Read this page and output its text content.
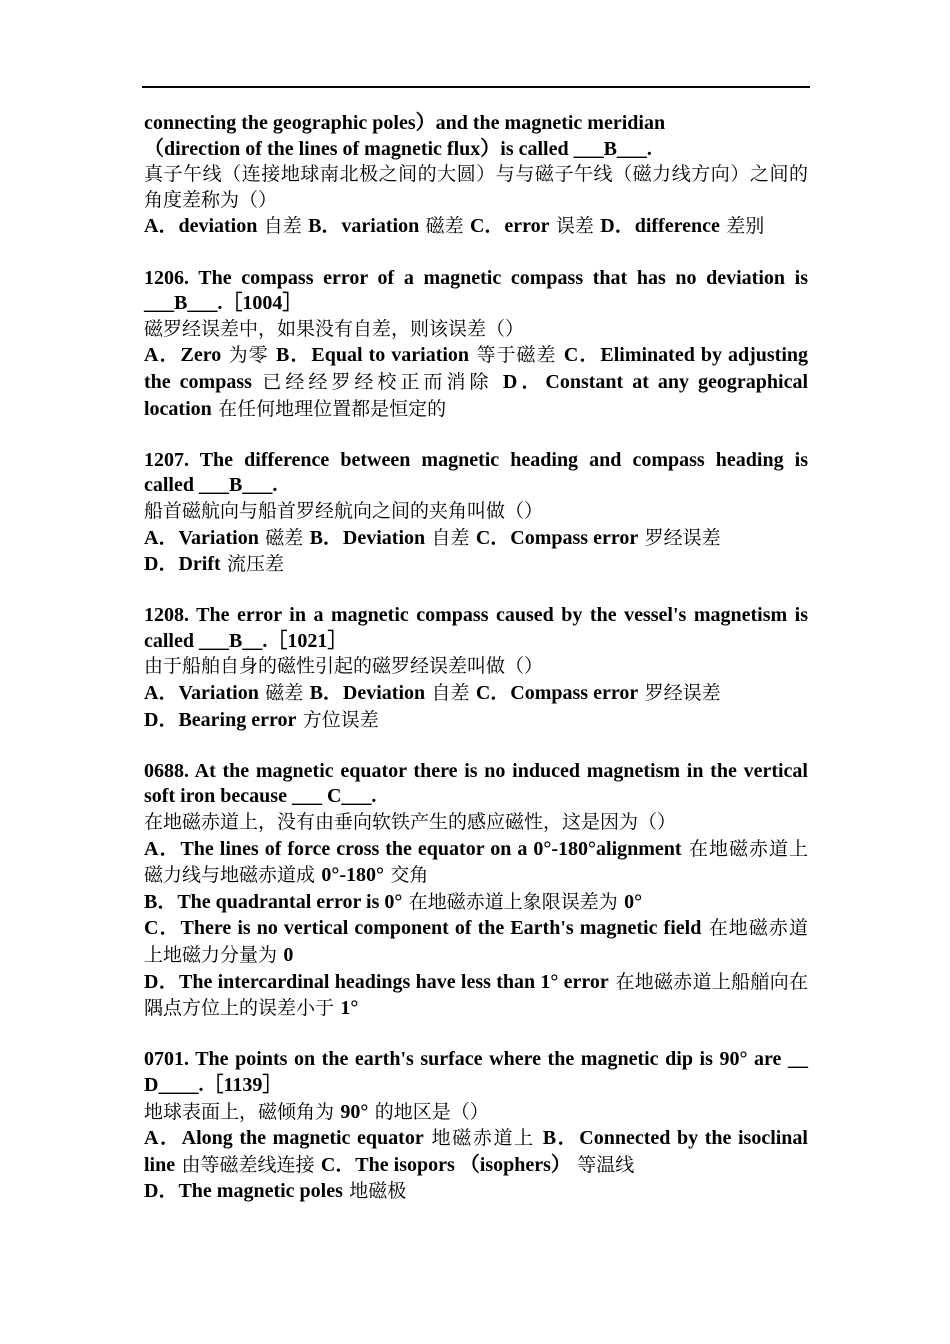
connecting the geographic poles）and the magnetic meridian

（direction of the lines of magnetic flux）is called ___B___.

真子午线（连接地球南北极之间的大圆）与与磁子午线（磁力线方向）之间的角度差称为（）

A．deviation 自差 B．variation 磁差 C．error 误差 D．difference 差别

1206. The compass error of a magnetic compass that has no deviation is ___B___.［1004］

磁罗经误差中，如果没有自差，则该误差（）

A．Zero 为零 B．Equal to variation 等于磁差 C．Eliminated by adjusting the compass 已经经罗经校正而消除 D．Constant at any geographical location 在任何地理位置都是恒定的

1207. The difference between magnetic heading and compass heading is called ___B___.

船首磁航向与船首罗经航向之间的夹角叫做（）

A．Variation 磁差 B．Deviation 自差 C．Compass error 罗经误差

D．Drift 流压差

1208. The error in a magnetic compass caused by the vessel's magnetism is called ___B__.［1021］

由于船舶自身的磁性引起的磁罗经误差叫做（）

A．Variation 磁差 B．Deviation 自差 C．Compass error 罗经误差

D．Bearing error 方位误差

0688. At the magnetic equator there is no induced magnetism in the vertical soft iron because ___ C___.

在地磁赤道上，没有由垂向软铁产生的感应磁性，这是因为（）

A．The lines of force cross the equator on a 0°-180°alignment 在地磁赤道上磁力线与地磁赤道成 0°-180° 交角

B．The quadrantal error is 0° 在地磁赤道上象限误差为 0°

C．There is no vertical component of the Earth's magnetic field 在地磁赤道上地磁力分量为 0

D．The intercardinal headings have less than 1° error 在地磁赤道上船艏向在隅点方位上的误差小于 1°

0701. The points on the earth's surface where the magnetic dip is 90° are __ D____.［1139］

地球表面上，磁倾角为 90° 的地区是（）

A．Along the magnetic equator 地磁赤道上 B．Connected by the isoclinal line 由等磁差线连接 C．The isopors （isophers） 等温线

D．The magnetic poles 地磁极
